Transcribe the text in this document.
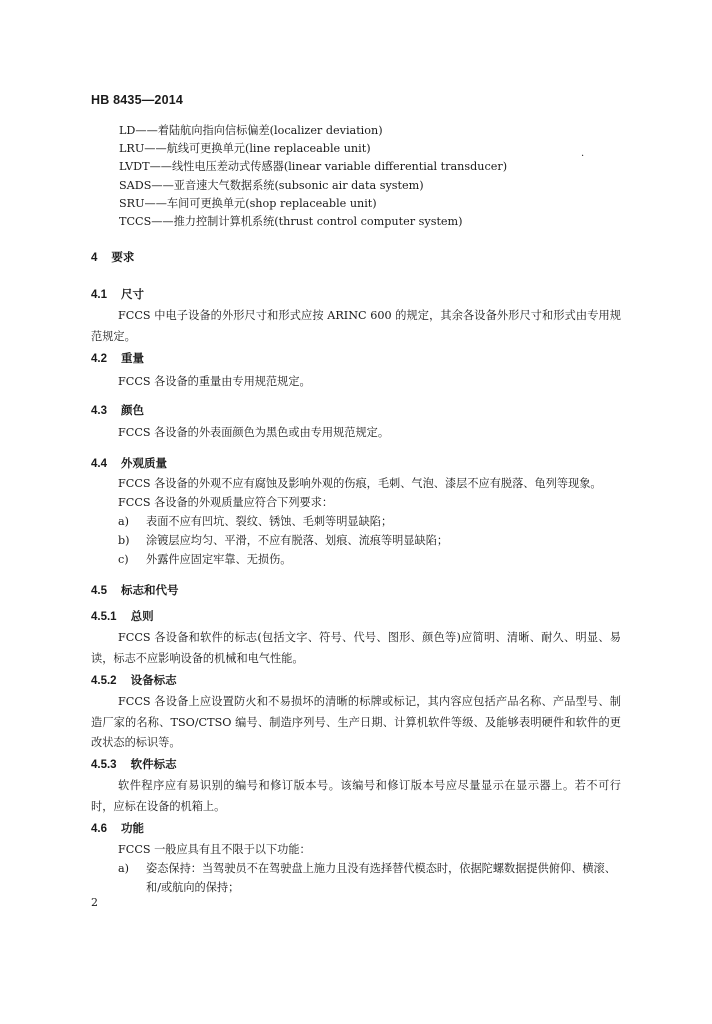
HB 8435—2014
LD——着陆航向指向信标偏差(localizer deviation)
LRU——航线可更换单元(line replaceable unit)
LVDT——线性电压差动式传感器(linear variable differential transducer)
SADS——亚音速大气数据系统(subsonic air data system)
SRU——车间可更换单元(shop replaceable unit)
TCCS——推力控制计算机系统(thrust control computer system)
.
4 要求
4.1 尺寸

FCCS 中电子设备的外形尺寸和形式应按 ARINC 600 的规定，其余各设备外形尺寸和形式由专用规范规定。

4.2 重量

FCCS 各设备的重量由专用规范规定。

4.3 颜色

FCCS 各设备的外表面颜色为黑色或由专用规范规定。

4.4 外观质量

FCCS 各设备的外观不应有腐蚀及影响外观的伤痕，毛刺、气泡、漆层不应有脱落、龟列等现象。

FCCS 各设备的外观质量应符合下列要求：

a) 表面不应有凹坑、裂纹、锈蚀、毛刺等明显缺陷；

b) 涂镀层应均匀、平滑，不应有脱落、划痕、流痕等明显缺陷；

c) 外露件应固定牢靠、无损伤。

4.5 标志和代号
4.5.1 总则

FCCS 各设备和软件的标志(包括文字、符号、代号、图形、颜色等)应简明、清晰、耐久、明显、易读，标志不应影响设备的机械和电气性能。

4.5.2 设备标志

FCCS 各设备上应设置防火和不易损坏的清晰的标牌或标记，其内容应包括产品名称、产品型号、制造厂家的名称、TSO/CTSO 编号、制造序列号、生产日期、计算机软件等级、及能够表明硬件和软件的更改状态的标识等。

4.5.3 软件标志

软件程序应有易识别的编号和修订版本号。该编号和修订版本号应尽量显示在显示器上。若不可行时，应标在设备的机箱上。

4.6 功能

FCCS 一般应具有且不限于以下功能：

a) 姿态保持：当驾驶员不在驾驶盘上施力且没有选择替代模态时，依据陀螺数据提供俯仰、横滚、

和/或航向的保持；

2
